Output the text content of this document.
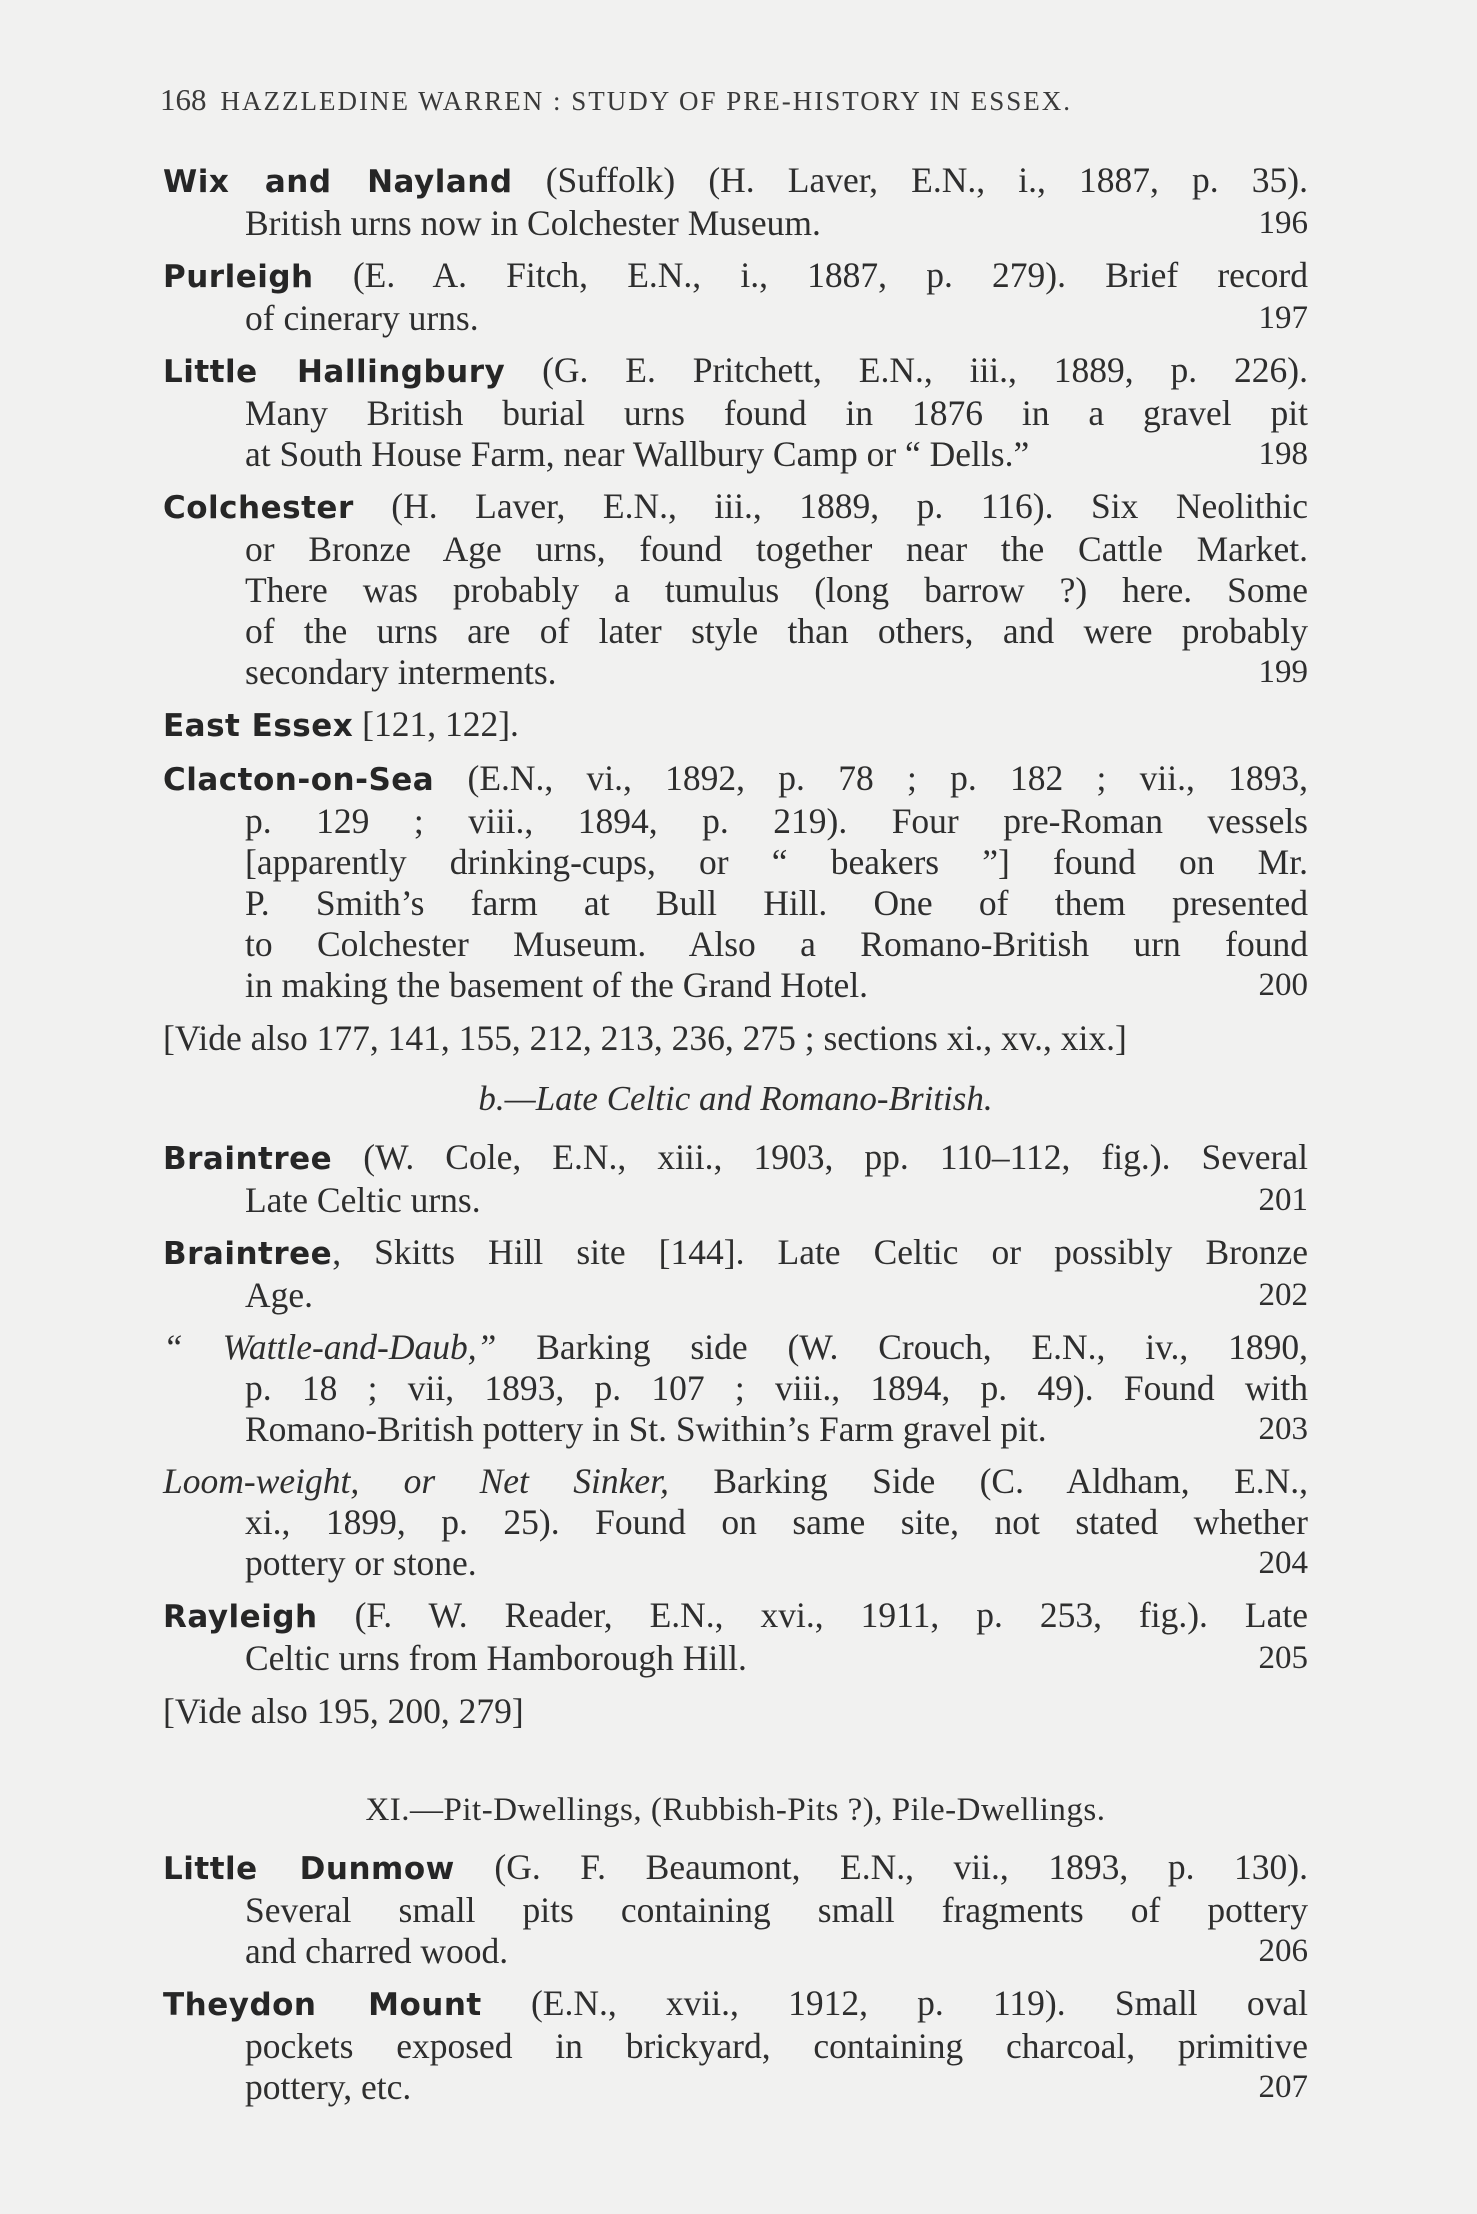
168 HAZZLEDINE WARREN : STUDY OF PRE-HISTORY IN ESSEX.
Wix and Nayland (Suffolk) (H. Laver, E.N., i., 1887, p. 35).
British urns now in Colchester Museum.	196
Purleigh (E. A. Fitch, E.N., i., 1887, p. 279). Brief record
of cinerary urns.	197
Little Hallingbury (G. E. Pritchett, E.N., iii., 1889, p. 226).
Many British burial urns found in 1876 in a gravel pit
at South House Farm, near Wallbury Camp or “ Dells.”	198
Colchester (H. Laver, E.N., iii., 1889, p. 116). Six Neolithic
or Bronze Age urns, found together near the Cattle Market.
There was probably a tumulus (long barrow ?) here. Some
of the urns are of later style than others, and were probably
secondary interments.	199
East Essex [121, 122].
Clacton-on-Sea (E.N., vi., 1892, p. 78 ; p. 182 ; vii., 1893,
p. 129 ; viii., 1894, p. 219). Four pre-Roman vessels
[apparently drinking-cups, or “ beakers ”] found on Mr.
P. Smith’s farm at Bull Hill. One of them presented
to Colchester Museum. Also a Romano-British urn found
in making the basement of the Grand Hotel.	200
[Vide also 177, 141, 155, 212, 213, 236, 275 ; sections xi., xv., xix.]
b.—Late Celtic and Romano-British.
Braintree (W. Cole, E.N., xiii., 1903, pp. 110–112, fig.). Several
Late Celtic urns.	201
Braintree, Skitts Hill site [144]. Late Celtic or possibly Bronze
Age.	202
“ Wattle-and-Daub,” Barking side (W. Crouch, E.N., iv., 1890,
p. 18 ; vii, 1893, p. 107 ; viii., 1894, p. 49). Found with
Romano-British pottery in St. Swithin’s Farm gravel pit.	203
Loom-weight, or Net Sinker, Barking Side (C. Aldham, E.N.,
xi., 1899, p. 25). Found on same site, not stated whether
pottery or stone.	204
Rayleigh (F. W. Reader, E.N., xvi., 1911, p. 253, fig.). Late
Celtic urns from Hamborough Hill.	205
[Vide also 195, 200, 279]
XI.—Pit-Dwellings, (Rubbish-Pits ?), Pile-Dwellings.
Little Dunmow (G. F. Beaumont, E.N., vii., 1893, p. 130).
Several small pits containing small fragments of pottery
and charred wood.	206
Theydon Mount (E.N., xvii., 1912, p. 119). Small oval
pockets exposed in brickyard, containing charcoal, primitive
pottery, etc.	207
